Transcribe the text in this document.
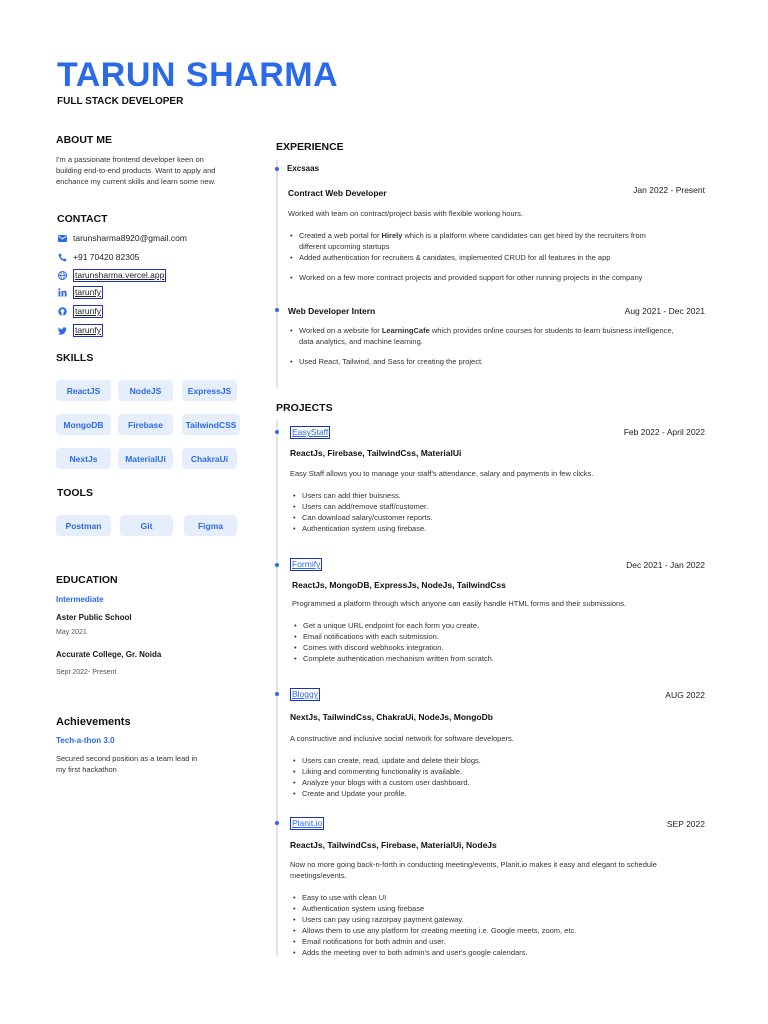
TARUN SHARMA
FULL STACK DEVELOPER
ABOUT ME
I'm a passionate frontend developer keen on
building end-to-end products. Want to apply and
enchance my current skills and learn some new.
CONTACT
tarunsharma8920@gmail.com
+91 70420 82305
tarunsharma.vercel.app
tarunfy
tarunfy
tarunfy
SKILLS
ReactJS	NodeJS	ExpressJS
MongoDB	Firebase	TailwindCSS
NextJs	MaterialUi	ChakraUi
TOOLS
Postman	Git	Figma
EDUCATION
Intermediate
Aster Public School
May 2021
Accurate College, Gr. Noida
Sept 2022- Present
Achievements
Tech-a-thon 3.0
Secured second position as a team lead in
my first hackathon
EXPERIENCE
Excsaas
Contract Web Developer	Jan 2022 - Present
Worked with team on contract/project basis with flexible working hours.
• Created a web portal for Hirely which is a platform where candidates can get hired by the recruiters from
different upcoming startups
• Added authentication for recruiters & canidates, implemented CRUD for all features in the app
• Worked on a few more contract projects and provided support for other running projects in the company
Web Developer Intern	Aug 2021 - Dec 2021
• Worked on a website for LearningCafe which provides online courses for students to learn buisness intelligence,
data analytics, and machine learning.
• Used React, Tailwind, and Sass for creating the project.
PROJECTS
EasyStaff	Feb 2022 - April 2022
ReactJs, Firebase, TailwindCss, MaterialUi
Easy Staff allows you to manage your staff's attendance, salary and payments in few clicks.
• Users can add thier buisness.
• Users can add/remove staff/customer.
• Can download salary/customer reports.
• Authentication system using firebase.
Formify	Dec 2021 - Jan 2022
ReactJs, MongoDB, ExpressJs, NodeJs, TailwindCss
Programmed a platform through which anyone can easily handle HTML forms and their submissions.
• Get a unique URL endpoint for each form you create.
• Email notifications with each submission.
• Comes with discord webhooks integration.
• Complete authentication mechanism written from scratch.
Bloggy	AUG 2022
NextJs, TailwindCss, ChakraUi, NodeJs, MongoDb
A constructive and inclusive social network for software developers.
• Users can create, read, update and delete their blogs.
• Liking and commenting functionality is available.
• Analyze your blogs with a custom user dashboard.
• Create and Update your profile.
Planit.io	SEP 2022
ReactJs, TailwindCss, Firebase, MaterialUi, NodeJs
Now no more going back-n-forth in conducting meeting/events, Planit.io makes it easy and elegant to schedule
meetings/events.
• Easy to use with clean UI
• Authentication system using firebase
• Users can pay using razorpay payment gateway.
• Allows them to use any platform for creating meeting i.e. Google meets, zoom, etc.
• Email notifications for both admin and user.
• Adds the meeting over to both admin's and user's google calendars.
